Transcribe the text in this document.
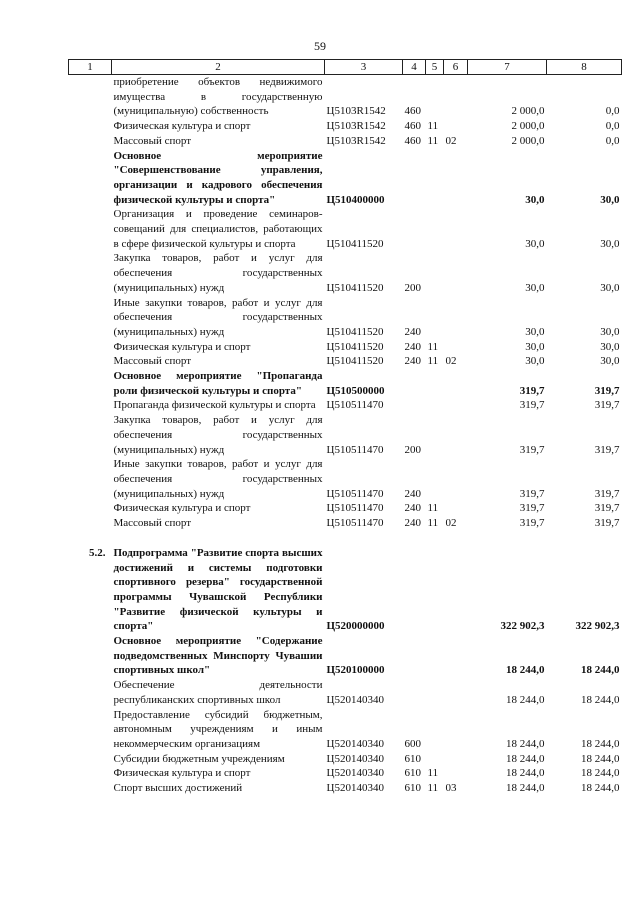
59
1	2	3	4	5	6	7	8
	приобретение объектов недвижимого имущества в государственную (муниципальную) собственность	Ц5103R1542	460			2 000,0	0,0
	Физическая культура и спорт	Ц5103R1542	460	11		2 000,0	0,0
	Массовый спорт	Ц5103R1542	460	11	02	2 000,0	0,0
	Основное мероприятие "Совершенствование управления, организации и кадрового обеспечения физической культуры и спорта"	Ц510400000				30,0	30,0
	Организация и проведение семинаров-совещаний для специалистов, работающих в сфере физической культуры и спорта	Ц510411520				30,0	30,0
	Закупка товаров, работ и услуг для обеспечения государственных (муниципальных) нужд	Ц510411520	200			30,0	30,0
	Иные закупки товаров, работ и услуг для обеспечения государственных (муниципальных) нужд	Ц510411520	240			30,0	30,0
	Физическая культура и спорт	Ц510411520	240	11		30,0	30,0
	Массовый спорт	Ц510411520	240	11	02	30,0	30,0
	Основное мероприятие "Пропаганда роли физической культуры и спорта"	Ц510500000				319,7	319,7
	Пропаганда физической культуры и спорта	Ц510511470				319,7	319,7
	Закупка товаров, работ и услуг для обеспечения государственных (муниципальных) нужд	Ц510511470	200			319,7	319,7
	Иные закупки товаров, работ и услуг для обеспечения государственных (муниципальных) нужд	Ц510511470	240			319,7	319,7
	Физическая культура и спорт	Ц510511470	240	11		319,7	319,7
	Массовый спорт	Ц510511470	240	11	02	319,7	319,7

5.2.	Подпрограмма "Развитие спорта высших достижений и системы подготовки спортивного резерва" государственной программы Чувашской Республики "Развитие физической культуры и спорта"	Ц520000000				322 902,3	322 902,3
	Основное мероприятие "Содержание подведомственных Минспорту Чувашии спортивных школ"	Ц520100000				18 244,0	18 244,0
	Обеспечение деятельности республиканских спортивных школ	Ц520140340				18 244,0	18 244,0
	Предоставление субсидий бюджетным, автономным учреждениям и иным некоммерческим организациям	Ц520140340	600			18 244,0	18 244,0
	Субсидии бюджетным учреждениям	Ц520140340	610			18 244,0	18 244,0
	Физическая культура и спорт	Ц520140340	610	11		18 244,0	18 244,0
	Спорт высших достижений	Ц520140340	610	11	03	18 244,0	18 244,0
